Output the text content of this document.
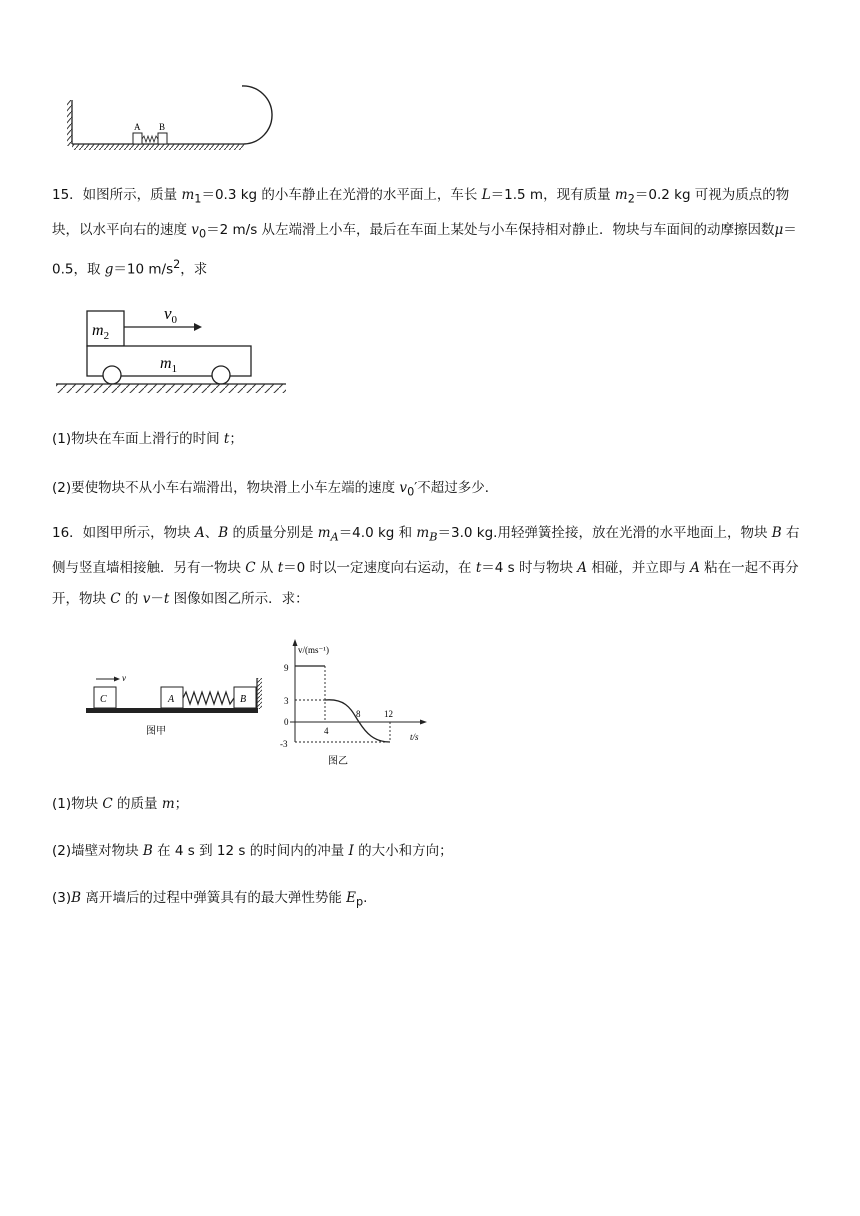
A B
15．如图所示，质量 $m_1=0.3$ kg 的小车静止在光滑的水平面上，车长 L＝1.5 m，现有质量 $m_2=0.2$ kg 可视为质点的物块，以水平向右的速度 $v_0=2$ m/s 从左端滑上小车，最后在车面上某处与小车保持相对静止．物块与车面间的动摩擦因数μ＝0.5，取 g＝10 $m/s^2$，求
$v_0$
$m_2$
$m_1$
(1)物块在车面上滑行的时间 t；
(2)要使物块不从小车右端滑出，物块滑上小车左端的速度 $v_0'$不超过多少．
16．如图甲所示，物块 A、B 的质量分别是 $m_A=4.0$ kg 和 $m_B=3.0$ kg.用轻弹簧拴接，放在光滑的水平地面上，物块 B 右侧与竖直墙相接触．另有一物块 C 从 t＝0 时以一定速度向右运动，在 t＝4 s 时与物块 A 相碰，并立即与 A 粘在一起不再分开，物块 C 的 v－t 图像如图乙所示．求：
v
C	A	B
图甲
v/(ms⁻¹)
t/s
9
3
0
-3
4
8	12
图乙
(1)物块 C 的质量 m；
(2)墙壁对物块 B 在 4 s 到 12 s 的时间内的冲量 I 的大小和方向；
(3)B 离开墙后的过程中弹簧具有的最大弹性势能 $E_p$.
